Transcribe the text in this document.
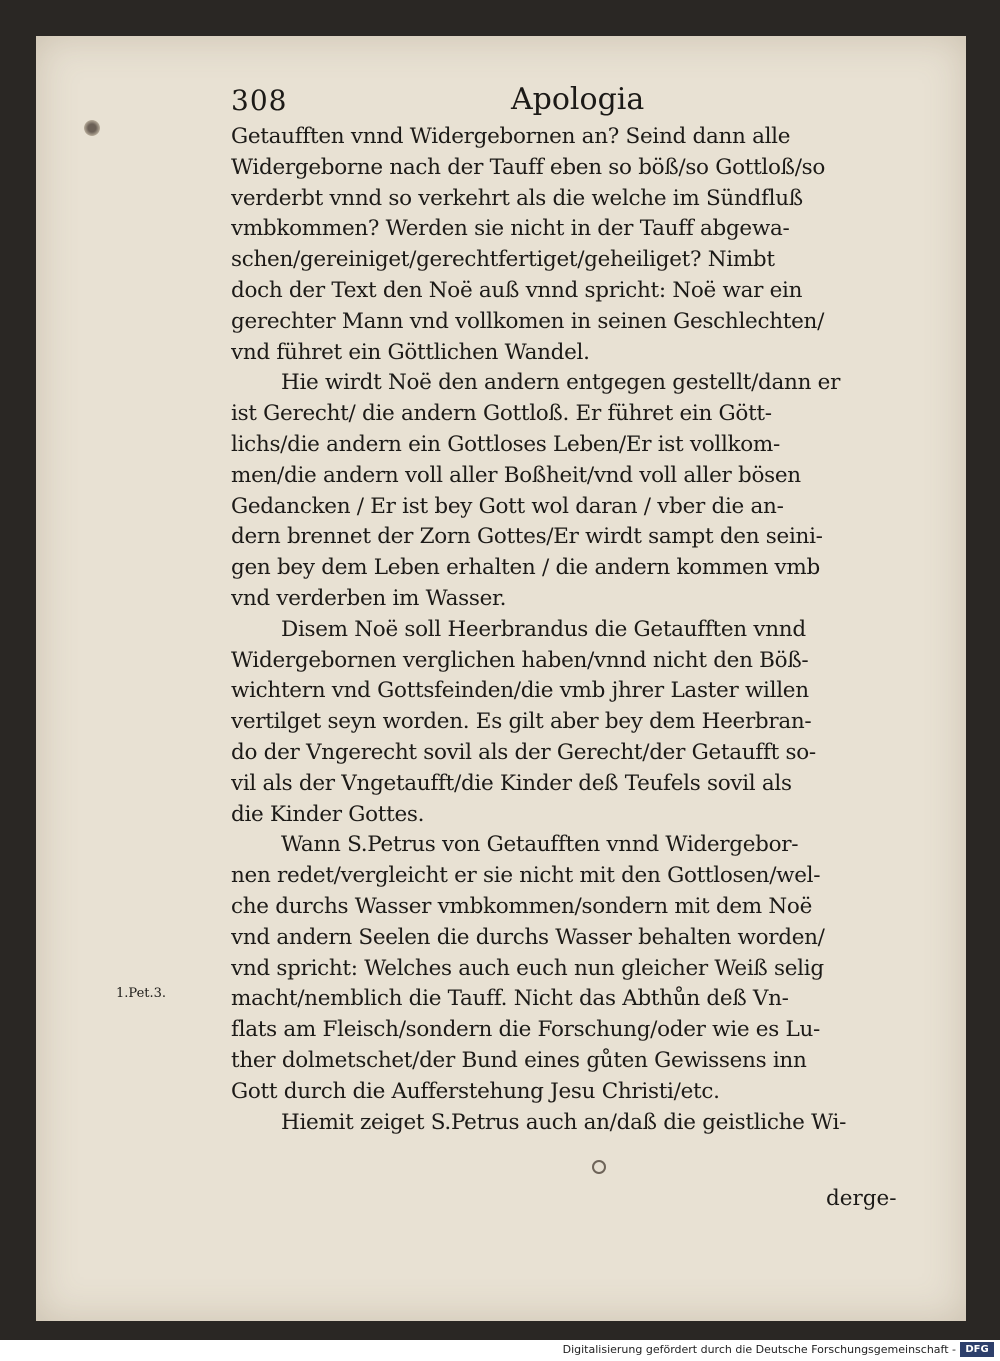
308	Apologia
Getaufften vnnd Widergebornen an? Seind dann alle
Widergeborne nach der Tauff eben so böß/so Gottloß/so
verderbt vnnd so verkehrt als die welche im Sündfluß
vmbkommen? Werden sie nicht in der Tauff abgewa-
schen/gereiniget/gerechtfertiget/geheiliget? Nimbt
doch der Text den Noë auß vnnd spricht: Noë war ein
gerechter Mann vnd vollkomen in seinen Geschlechten/
vnd führet ein Göttlichen Wandel.
Hie wirdt Noë den andern entgegen gestellt/dann er
ist Gerecht/ die andern Gottloß. Er führet ein Gött-
lichs/die andern ein Gottloses Leben/Er ist vollkom-
men/die andern voll aller Boßheit/vnd voll aller bösen
Gedancken / Er ist bey Gott wol daran / vber die an-
dern brennet der Zorn Gottes/Er wirdt sampt den seini-
gen bey dem Leben erhalten / die andern kommen vmb
vnd verderben im Wasser.
Disem Noë soll Heerbrandus die Getaufften vnnd
Widergebornen verglichen haben/vnnd nicht den Böß-
wichtern vnd Gottsfeinden/die vmb jhrer Laster willen
vertilget seyn worden. Es gilt aber bey dem Heerbran-
do der Vngerecht sovil als der Gerecht/der Getaufft so-
vil als der Vngetaufft/die Kinder deß Teufels sovil als
die Kinder Gottes.
Wann S.Petrus von Getaufften vnnd Widergebor-
nen redet/vergleicht er sie nicht mit den Gottlosen/wel-
che durchs Wasser vmbkommen/sondern mit dem Noë
vnd andern Seelen die durchs Wasser behalten worden/
vnd spricht: Welches auch euch nun gleicher Weiß selig
macht/nemblich die Tauff. Nicht das Abthůn deß Vn-
flats am Fleisch/sondern die Forschung/oder wie es Lu-
ther dolmetschet/der Bund eines gůten Gewissens inn
Gott durch die Aufferstehung Jesu Christi/etc.
Hiemit zeiget S.Petrus auch an/daß die geistliche Wi-
1.Pet.3.
derge-
Digitalisierung gefördert durch die Deutsche Forschungsgemeinschaft - DFG
